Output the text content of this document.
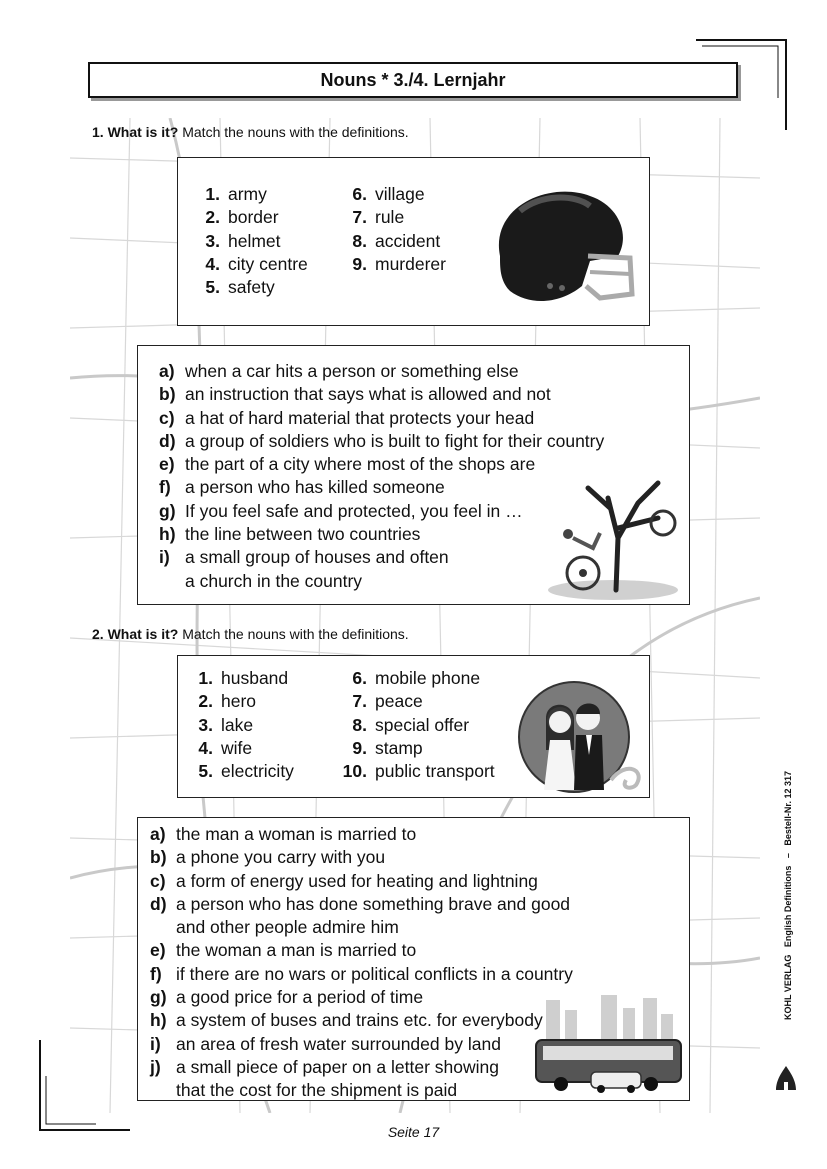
Nouns * 3./4. Lernjahr
1. What is it? Match the nouns with the definitions.
1. army
2. border
3. helmet
4. city centre
5. safety
6. village
7. rule
8. accident
9. murderer
a) when a car hits a person or something else
b) an instruction that says what is allowed and not
c) a hat of hard material that protects your head
d) a group of soldiers who is built to fight for their country
e) the part of a city where most of the shops are
f) a person who has killed someone
g) If you feel safe and protected, you feel in …
h) the line between two countries
i) a small group of houses and often
a church in the country
2. What is it? Match the nouns with the definitions.
1. husband
2. hero
3. lake
4. wife
5. electricity
6. mobile phone
7. peace
8. special offer
9. stamp
10. public transport
a) the man a woman is married to
b) a phone you carry with you
c) a form of energy used for heating and lightning
d) a person who has done something brave and good
and other people admire him
e) the woman a man is married to
f) if there are no wars or political conflicts in a country
g) a good price for a period of time
h) a system of buses and trains etc. for everybody
i) an area of fresh water surrounded by land
j) a small piece of paper on a letter showing
that the cost for the shipment is paid
KOHL VERLAG   English Definitions   –   Bestell-Nr. 12 317
Seite 17
